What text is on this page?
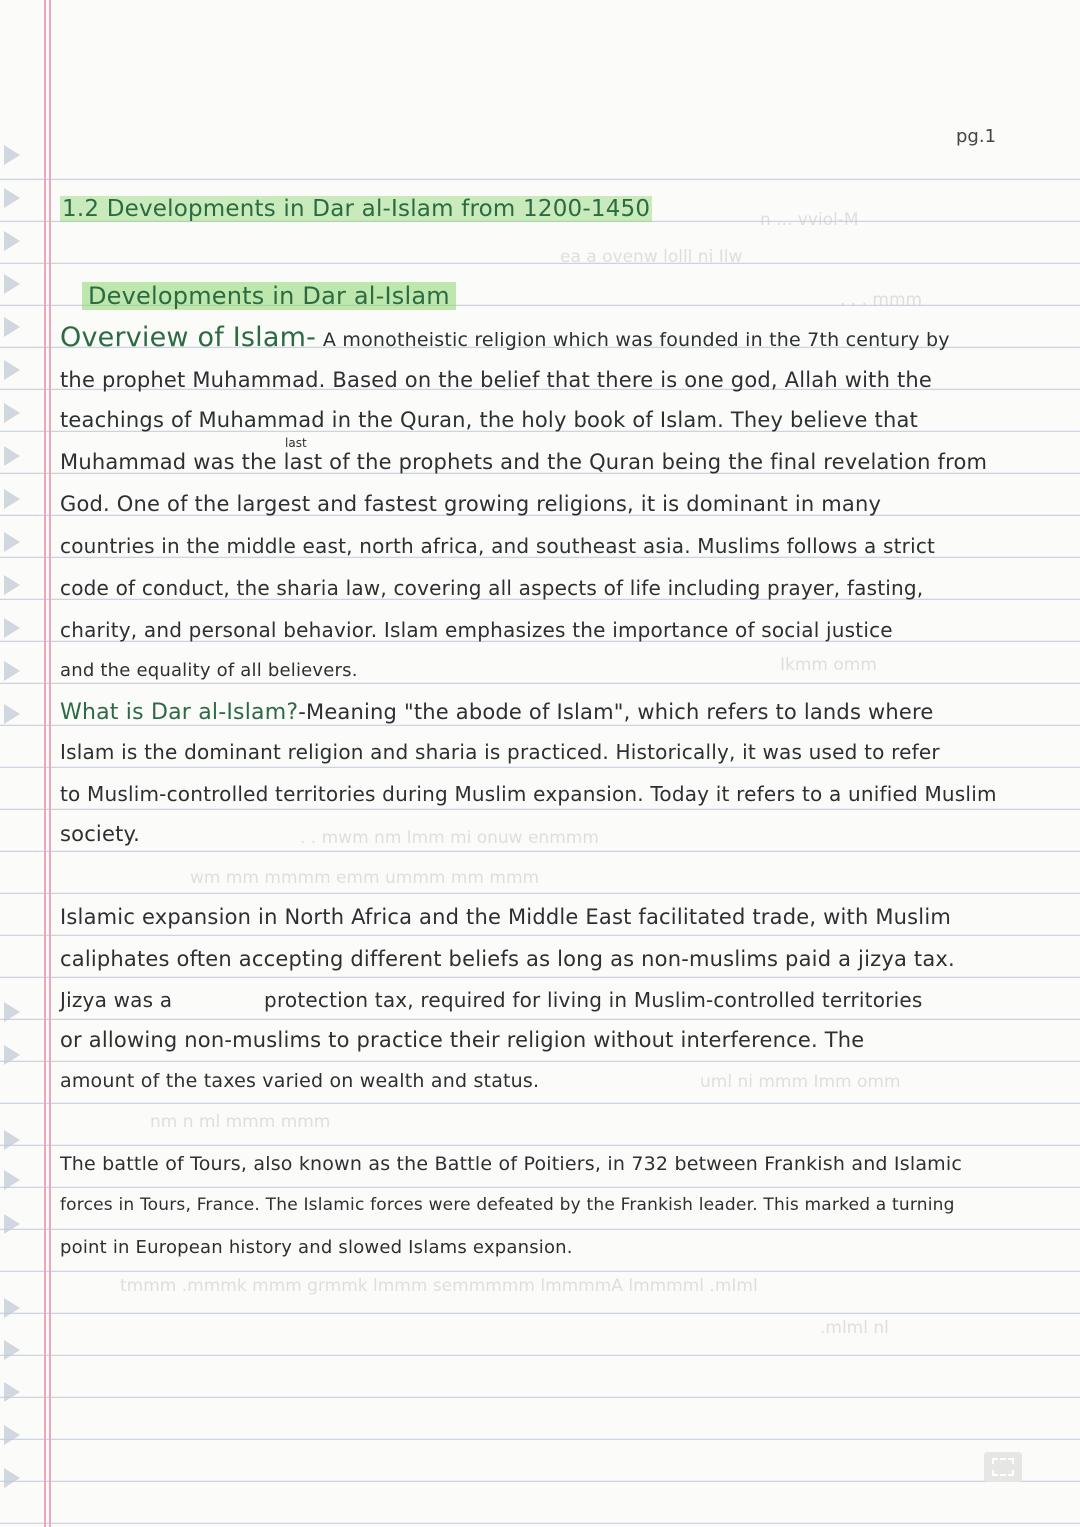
n ... vviol-M
ea a ovenw lolll ni Ilw
. . . mmm
Ikmm omm
. . mwm nm lmm mi onuw enmmm
wm mm mmmm emm ummm mm mmm
uml ni mmm Imm omm
nm n ml mmm mmm
tmmm .mmmk mmm grmmk lmmm semmmmm lmmmmA lmmmml .mIml
.mlml nl
pg.1
1.2 Developments in Dar al-Islam from 1200-1450
Developments in Dar al-Islam
Overview of Islam- A monotheistic religion which was founded in the 7th century by
the prophet Muhammad. Based on the belief that there is one god, Allah with the
teachings of Muhammad in the Quran, the holy book of Islam. They believe that
last
Muhammad was the last of the prophets and the Quran being the final revelation from
God. One of the largest and fastest growing religions, it is dominant in many
countries in the middle east, north africa, and southeast asia. Muslims follows a strict
code of conduct, the sharia law, covering all aspects of life including prayer, fasting,
charity, and personal behavior. Islam emphasizes the importance of social justice
and the equality of all believers.
What is Dar al-Islam?-Meaning "the abode of Islam", which refers to lands where
Islam is the dominant religion and sharia is practiced. Historically, it was used to refer
to Muslim-controlled territories during Muslim expansion. Today it refers to a unified Muslim
society.
Islamic expansion in North Africa and the Middle East facilitated trade, with Muslim
caliphates often accepting different beliefs as long as non-muslims paid a jizya tax.
Jizya was a              protection tax, required for living in Muslim-controlled territories
or allowing non-muslims to practice their religion without interference. The
amount of the taxes varied on wealth and status.
The battle of Tours, also known as the Battle of Poitiers, in 732 between Frankish and Islamic
forces in Tours, France. The Islamic forces were defeated by the Frankish leader. This marked a turning
point in European history and slowed Islams expansion.
